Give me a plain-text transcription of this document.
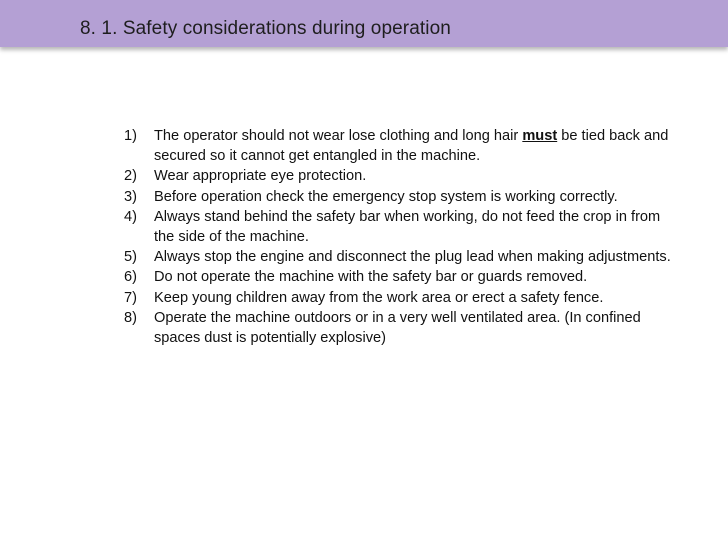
8. 1. Safety considerations during operation
1) The operator should not wear lose clothing and long hair must be tied back and secured so it cannot get entangled in the machine.
2) Wear appropriate eye protection.
3) Before operation check the emergency stop system is working correctly.
4) Always stand behind the safety bar when working, do not feed the crop in from the side of the machine.
5) Always stop the engine and disconnect the plug lead when making adjustments.
6) Do not operate the machine with the safety bar or guards removed.
7) Keep young children away from the work area or erect a safety fence.
8) Operate the machine outdoors or in a very well ventilated area. (In confined spaces dust is potentially explosive)
